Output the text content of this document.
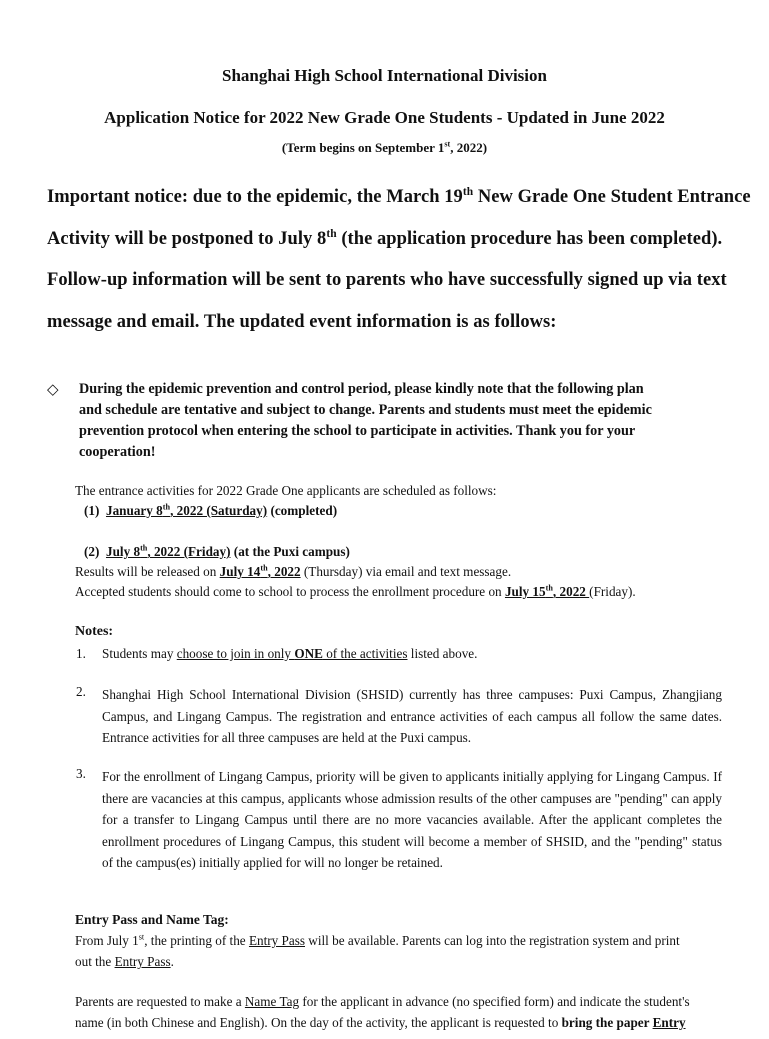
Shanghai High School International Division
Application Notice for 2022 New Grade One Students - Updated in June 2022
(Term begins on September 1st, 2022)
Important notice: due to the epidemic, the March 19th New Grade One Student Entrance
Activity will be postponed to July 8th (the application procedure has been completed).
Follow-up information will be sent to parents who have successfully signed up via text
message and email. The updated event information is as follows:
◇ During the epidemic prevention and control period, please kindly note that the following plan
and schedule are tentative and subject to change. Parents and students must meet the epidemic
prevention protocol when entering the school to participate in activities. Thank you for your
cooperation!
The entrance activities for 2022 Grade One applicants are scheduled as follows:
(1) January 8th, 2022 (Saturday) (completed)
(2) July 8th, 2022 (Friday) (at the Puxi campus)
Results will be released on July 14th, 2022 (Thursday) via email and text message.
Accepted students should come to school to process the enrollment procedure on July 15th, 2022 (Friday).
Notes:
1. Students may choose to join in only ONE of the activities listed above.
2. Shanghai High School International Division (SHSID) currently has three campuses: Puxi Campus, Zhangjiang Campus, and Lingang Campus. The registration and entrance activities of each campus all follow the same dates. Entrance activities for all three campuses are held at the Puxi campus.
3. For the enrollment of Lingang Campus, priority will be given to applicants initially applying for Lingang Campus. If there are vacancies at this campus, applicants whose admission results of the other campuses are "pending" can apply for a transfer to Lingang Campus until there are no more vacancies available. After the applicant completes the enrollment procedures of Lingang Campus, this student will become a member of SHSID, and the "pending" status of the campus(es) initially applied for will no longer be retained.
Entry Pass and Name Tag:
From July 1st, the printing of the Entry Pass will be available. Parents can log into the registration system and print
out the Entry Pass.
Parents are requested to make a Name Tag for the applicant in advance (no specified form) and indicate the student's
name (in both Chinese and English). On the day of the activity, the applicant is requested to bring the paper Entry
